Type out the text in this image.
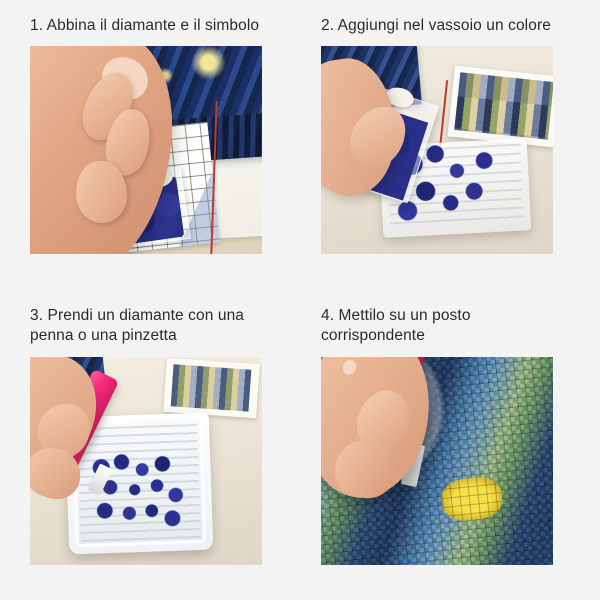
1. Abbina il diamante e il simbolo	2. Aggiungi nel vassoio un colore
3. Prendi un diamante con una penna o una pinzetta
4. Mettilo su un posto corrispondente
